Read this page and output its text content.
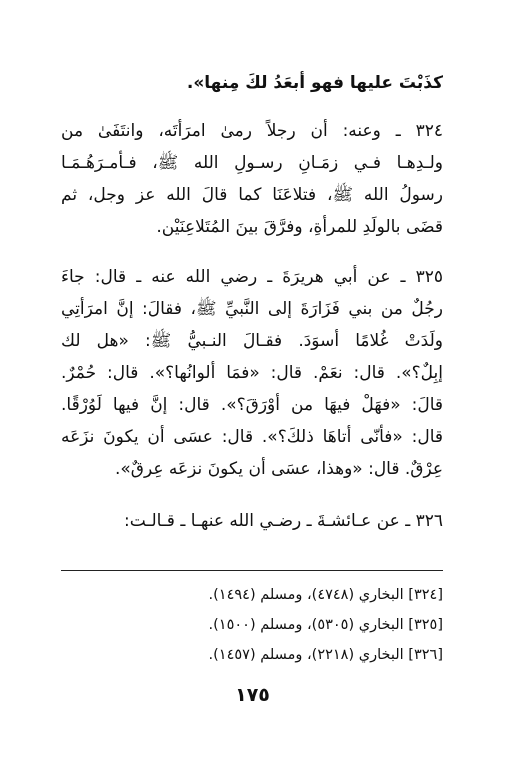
كذَبْتَ عليها فهو أبعَدُ لكَ مِنها».
٣٢٤ ـ وعنه: أن رجلاً رمىٰ امرَأتَه، وانتَفَىٰ من
ولـدِهـا فـي زمَـانِ رسـولِ الله ﷺ، فـأمـرَهُـمَـا
رسولُ الله ﷺ، فتلاعَنَا كما قالَ الله عز وجل، ثم
قضَى بالولَدِ للمرأةِ، وفرَّقَ بينَ المُتَلاعِنَيْن.
٣٢٥ ـ عن أبي هريرَةَ ـ رضي الله عنه ـ قال: جاءَ
رجُلٌ من بني فَزَارَةَ إلى النَّبيِّ ﷺ، فقالَ: إنَّ امرَأتِي
ولَدَتْ غُلامًا أسوَدَ. فقـالَ النـبيُّ ﷺ: «هل لك
إبِلٌ؟». قال: نعَمْ. قال: «فمَا ألوانُها؟». قال: حُمْرٌ.
قالَ: «فهَلْ فيهَا من أوْرَقَ؟». قال: إنَّ فيها لَوُرْقًا.
قال: «فأنّى أتاهَا ذلكَ؟». قال: عسَى أن يكونَ نزَعَه
عِرْقٌ. قال: «وهذا، عسَى أن يكونَ نزعَه عِرقٌ».
٣٢٦ ـ عن عـائشـةَ ـ رضـي الله عنهـا ـ قـالـت:
[٣٢٤] البخاري (٤٧٤٨)، ومسلم (١٤٩٤).
[٣٢٥] البخاري (٥٣٠٥)، ومسلم (١٥٠٠).
[٣٢٦] البخاري (٢٢١٨)، ومسلم (١٤٥٧).
١٧٥
